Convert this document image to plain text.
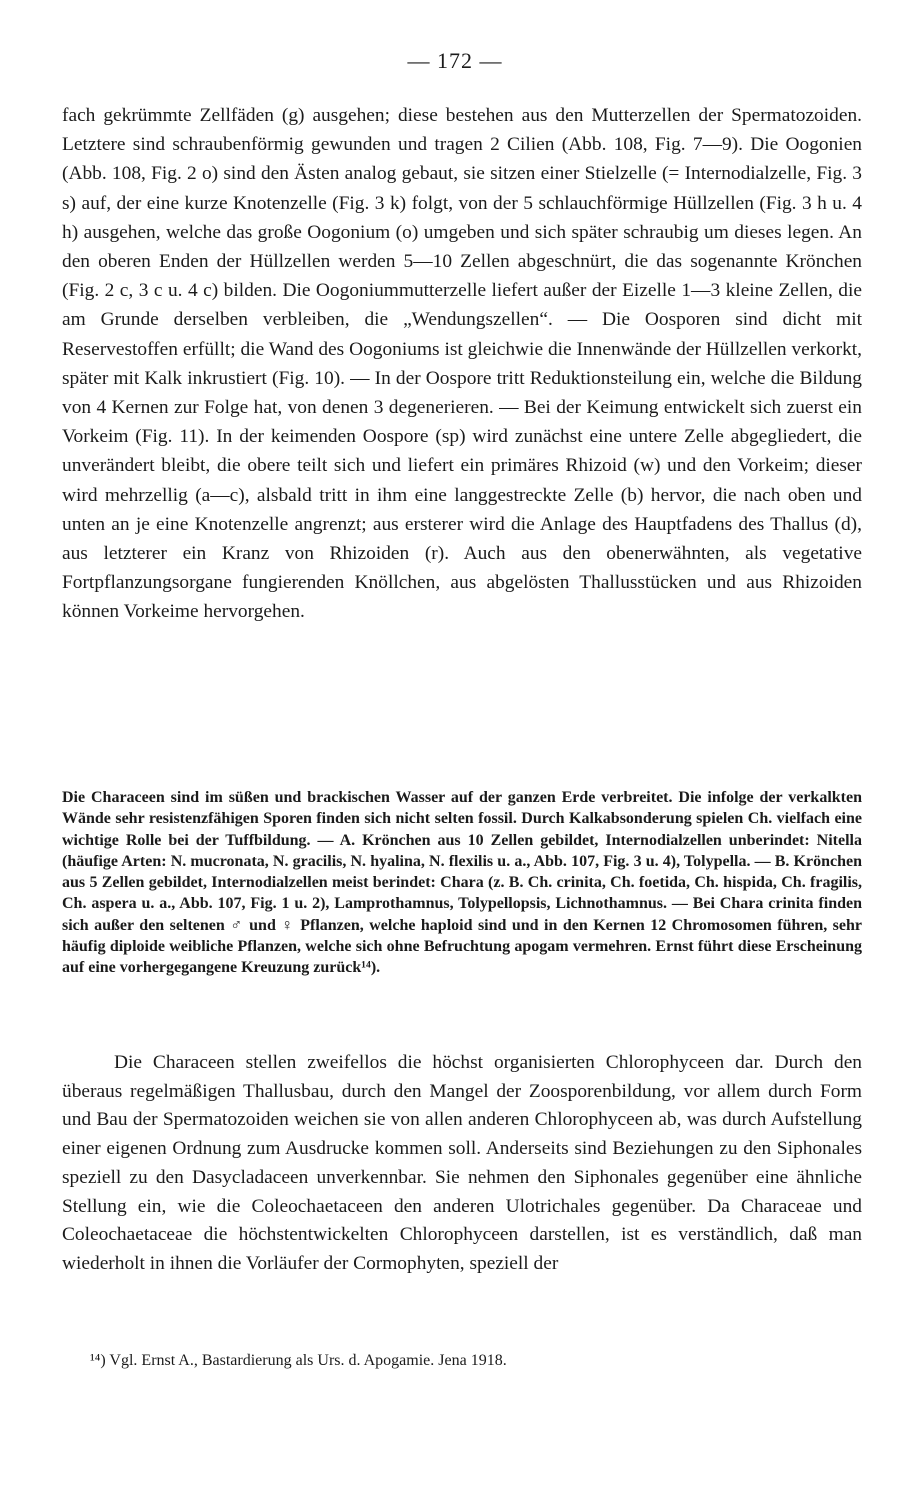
— 172 —

fach gekrümmte Zellfäden (g) ausgehen; diese bestehen aus den Mutterzellen der Spermatozoiden. Letztere sind schraubenförmig gewunden und tragen 2 Cilien (Abb. 108, Fig. 7—9). Die Oogonien (Abb. 108, Fig. 2 o) sind den Ästen analog gebaut, sie sitzen einer Stielzelle (= Internodialzelle, Fig. 3 s) auf, der eine kurze Knotenzelle (Fig. 3 k) folgt, von der 5 schlauchförmige Hüllzellen (Fig. 3 h u. 4 h) ausgehen, welche das große Oogonium (o) umgeben und sich später schraubig um dieses legen. An den oberen Enden der Hüllzellen werden 5—10 Zellen abgeschnürt, die das sogenannte Krönchen (Fig. 2 c, 3 c u. 4 c) bilden. Die Oogoniummutterzelle liefert außer der Eizelle 1—3 kleine Zellen, die am Grunde derselben verbleiben, die „Wendungszellen“. — Die Oosporen sind dicht mit Reservestoffen erfüllt; die Wand des Oogoniums ist gleichwie die Innenwände der Hüllzellen verkorkt, später mit Kalk inkrustiert (Fig. 10). — In der Oospore tritt Reduktionsteilung ein, welche die Bildung von 4 Kernen zur Folge hat, von denen 3 degenerieren. — Bei der Keimung entwickelt sich zuerst ein Vorkeim (Fig. 11). In der keimenden Oospore (sp) wird zunächst eine untere Zelle abgegliedert, die unverändert bleibt, die obere teilt sich und liefert ein primäres Rhizoid (w) und den Vorkeim; dieser wird mehrzellig (a—c), alsbald tritt in ihm eine langgestreckte Zelle (b) hervor, die nach oben und unten an je eine Knotenzelle angrenzt; aus ersterer wird die Anlage des Hauptfadens des Thallus (d), aus letzterer ein Kranz von Rhizoiden (r). Auch aus den obenerwähnten, als vegetative Fortpflanzungsorgane fungierenden Knöllchen, aus abgelösten Thallusstücken und aus Rhizoiden können Vorkeime hervorgehen.

Die Characeen sind im süßen und brackischen Wasser auf der ganzen Erde verbreitet. Die infolge der verkalkten Wände sehr resistenzfähigen Sporen finden sich nicht selten fossil. Durch Kalkabsonderung spielen Ch. vielfach eine wichtige Rolle bei der Tuffbildung. — A. Krönchen aus 10 Zellen gebildet, Internodialzellen unberindet: Nitella (häufige Arten: N. mucronata, N. gracilis, N. hyalina, N. flexilis u. a., Abb. 107, Fig. 3 u. 4), Tolypella. — B. Krönchen aus 5 Zellen gebildet, Internodialzellen meist berindet: Chara (z. B. Ch. crinita, Ch. foetida, Ch. hispida, Ch. fragilis, Ch. aspera u. a., Abb. 107, Fig. 1 u. 2), Lamprothamnus, Tolypellopsis, Lichnothamnus. — Bei Chara crinita finden sich außer den seltenen ♂ und ♀ Pflanzen, welche haploid sind und in den Kernen 12 Chromosomen führen, sehr häufig diploide weibliche Pflanzen, welche sich ohne Befruchtung apogam vermehren. Ernst führt diese Erscheinung auf eine vorhergegangene Kreuzung zurück¹⁴).

Die Characeen stellen zweifellos die höchst organisierten Chlorophyceen dar. Durch den überaus regelmäßigen Thallusbau, durch den Mangel der Zoosporenbildung, vor allem durch Form und Bau der Spermatozoiden weichen sie von allen anderen Chlorophyceen ab, was durch Aufstellung einer eigenen Ordnung zum Ausdrucke kommen soll. Anderseits sind Beziehungen zu den Siphonales speziell zu den Dasycladaceen unverkennbar. Sie nehmen den Siphonales gegenüber eine ähnliche Stellung ein, wie die Coleochaetaceen den anderen Ulotrichales gegenüber. Da Characeae und Coleochaetaceae die höchstentwickelten Chlorophyceen darstellen, ist es verständlich, daß man wiederholt in ihnen die Vorläufer der Cormophyten, speziell der

¹⁴) Vgl. Ernst A., Bastardierung als Urs. d. Apogamie. Jena 1918.
